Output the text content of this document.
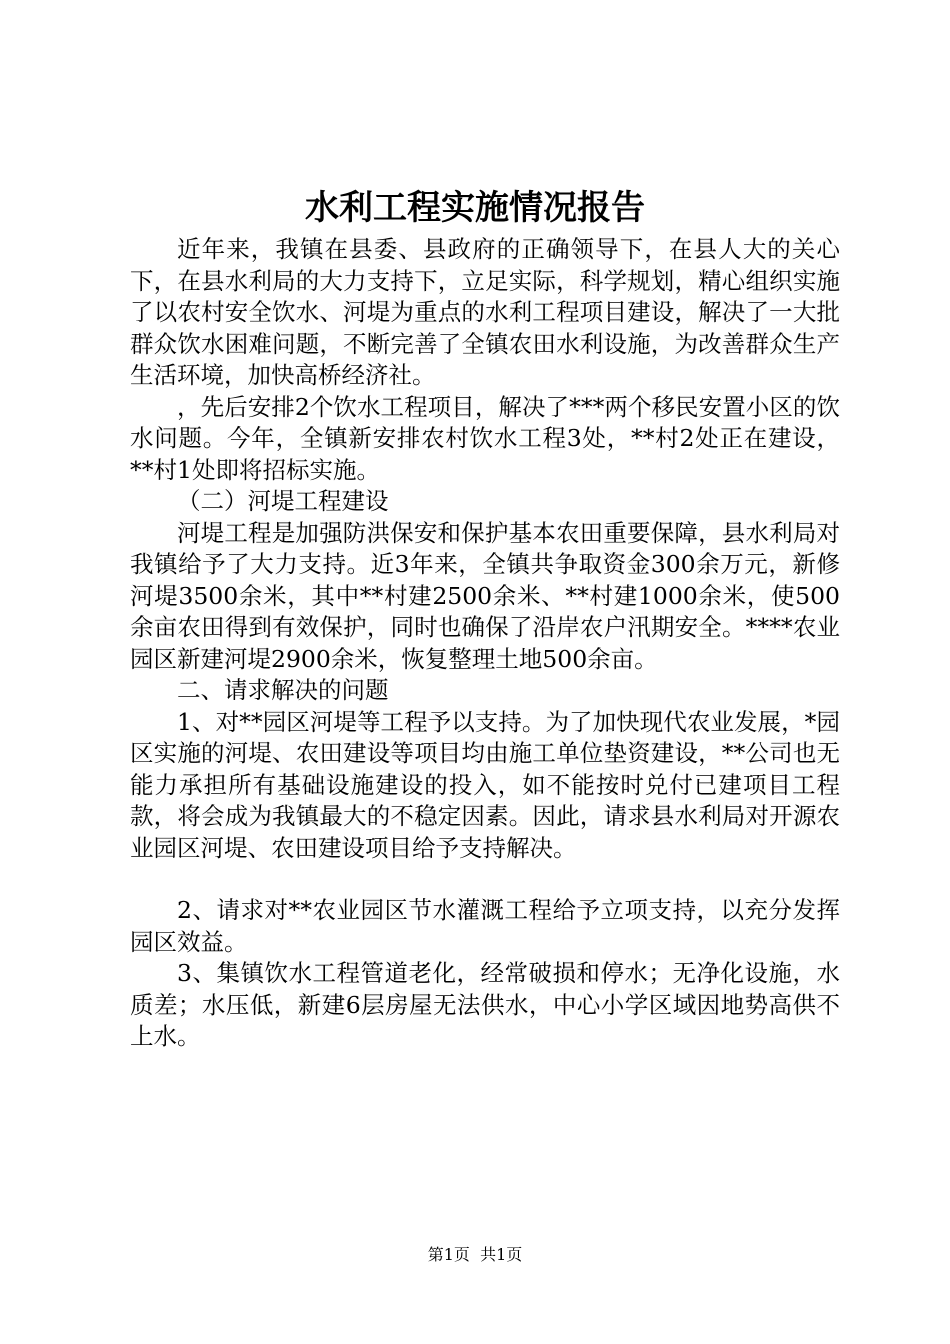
水利工程实施情况报告

近年来，我镇在县委、县政府的正确领导下，在县人大的关心下，在县水利局的大力支持下，立足实际，科学规划，精心组织实施了以农村安全饮水、河堤为重点的水利工程项目建设，解决了一大批群众饮水困难问题，不断完善了全镇农田水利设施，为改善群众生产生活环境，加快高桥经济社。

，先后安排2个饮水工程项目，解决了***两个移民安置小区的饮水问题。今年，全镇新安排农村饮水工程3处，**村2处正在建设，**村1处即将招标实施。

（二）河堤工程建设

河堤工程是加强防洪保安和保护基本农田重要保障，县水利局对我镇给予了大力支持。近3年来，全镇共争取资金300余万元，新修河堤3500余米，其中**村建2500余米、**村建1000余米，使500余亩农田得到有效保护，同时也确保了沿岸农户汛期安全。****农业园区新建河堤2900余米，恢复整理土地500余亩。

二、请求解决的问题

1、对**园区河堤等工程予以支持。为了加快现代农业发展，*园区实施的河堤、农田建设等项目均由施工单位垫资建设，**公司也无能力承担所有基础设施建设的投入，如不能按时兑付已建项目工程款，将会成为我镇最大的不稳定因素。因此，请求县水利局对开源农业园区河堤、农田建设项目给予支持解决。

2、请求对**农业园区节水灌溉工程给予立项支持，以充分发挥园区效益。

3、集镇饮水工程管道老化，经常破损和停水；无净化设施，水质差；水压低，新建6层房屋无法供水，中心小学区域因地势高供不上水。

第1页  共1页
